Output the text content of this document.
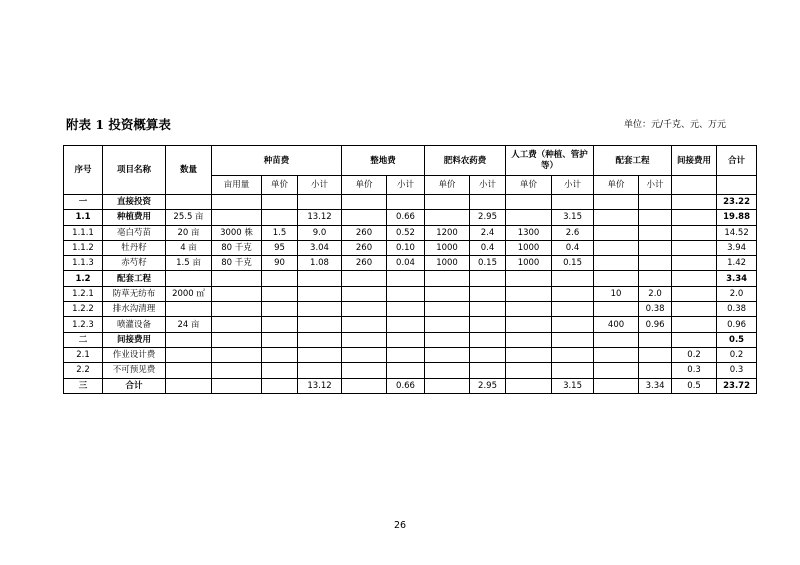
附表 1 投资概算表	单位：元/千克、元、万元
序号	项目名称	数量	种苗费			整地费		肥料农药费		人工费（种植、管护等）		配套工程		间接费用	合计
			亩用量	单价	小计	单价	小计	单价	小计	单价	小计	单价	小计		
一	直接投资														23.22
1.1	种植费用	25.5 亩			13.12		0.66		2.95		3.15				19.88
1.1.1	亳白芍苗	20 亩	3000 株	1.5	9.0	260	0.52	1200	2.4	1300	2.6				14.52
1.1.2	牡丹籽	4 亩	80 千克	95	3.04	260	0.10	1000	0.4	1000	0.4				3.94
1.1.3	赤芍籽	1.5 亩	80 千克	90	1.08	260	0.04	1000	0.15	1000	0.15				1.42
1.2	配套工程														3.34
1.2.1	防草无纺布	2000 ㎡										10	2.0		2.0
1.2.2	排水沟清理												0.38		0.38
1.2.3	喷灌设备	24 亩										400	0.96		0.96
二	间接费用														0.5
2.1	作业设计费													0.2	0.2
2.2	不可预见费													0.3	0.3
三	合计				13.12		0.66		2.95		3.15		3.34	0.5	23.72
26
